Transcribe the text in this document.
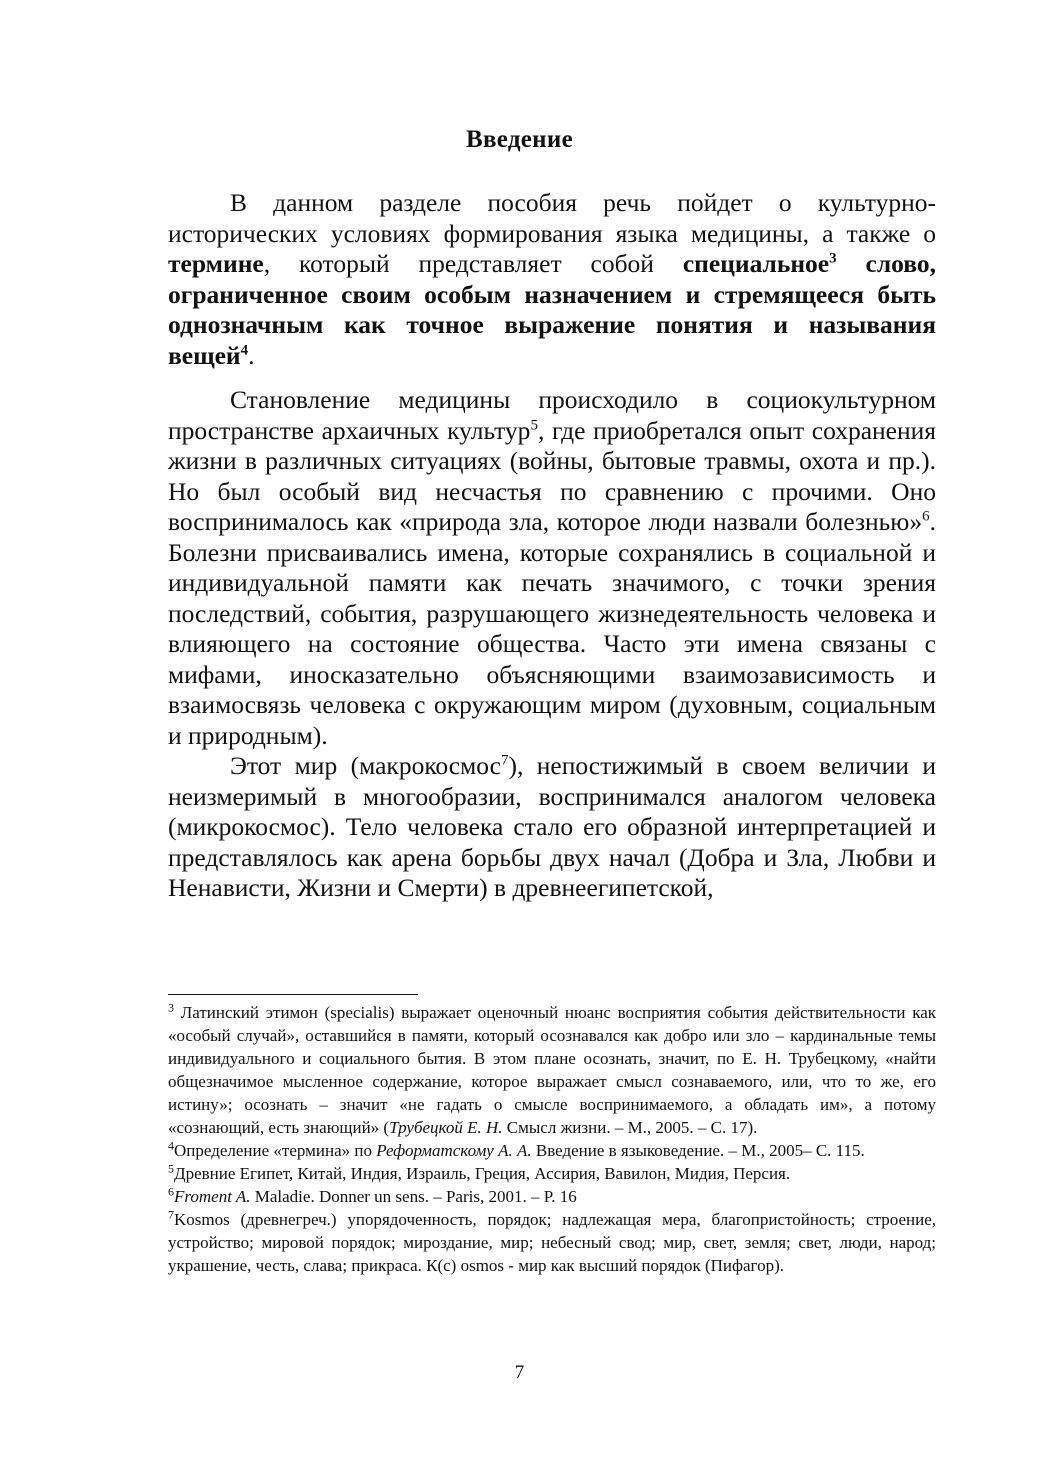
Введение

В данном разделе пособия речь пойдет о культурно-исторических условиях формирования языка медицины, а также о термине, который представляет собой специальное$^3$ слово, ограниченное своим особым назначением и стремящееся быть однозначным как точное выражение понятия и называния вещей$^4$.

Становление медицины происходило в социокультурном пространстве архаичных культур$^5$, где приобретался опыт сохранения жизни в различных ситуациях (войны, бытовые травмы, охота и пр.). Но был особый вид несчастья по сравнению с прочими. Оно воспринималось как «природа зла, которое люди назвали болезнью»$^6$. Болезни присваивались имена, которые сохранялись в социальной и индивидуальной памяти как печать значимого, с точки зрения последствий, события, разрушающего жизнедеятельность человека и влияющего на состояние общества. Часто эти имена связаны с мифами, иносказательно объясняющими взаимозависимость и взаимосвязь человека с окружающим миром (духовным, социальным и природным).

Этот мир (макрокосмос$^7$), непостижимый в своем величии и неизмеримый в многообразии, воспринимался аналогом человека (микрокосмос). Тело человека стало его образной интерпретацией и представлялось как арена борьбы двух начал (Добра и Зла, Любви и Ненависти, Жизни и Смерти) в древнеегипетской,

$^3$ Латинский этимон (specialis) выражает оценочный нюанс восприятия события действительности как «особый случай», оставшийся в памяти, который осознавался как добро или зло – кардинальные темы индивидуального и социального бытия. В этом плане осознать, значит, по Е. Н. Трубецкому, «найти общезначимое мысленное содержание, которое выражает смысл сознаваемого, или, что то же, его истину»; осознать – значит «не гадать о смысле воспринимаемого, а обладать им», а потому «сознающий, есть знающий» (Трубецкой Е. Н. Смысл жизни. – М., 2005. – С. 17).

$^4$Определение «термина» по Реформатскому А. А. Введение в языковедение. – М., 2005– С. 115.

$^5$Древние Египет, Китай, Индия, Израиль, Греция, Ассирия, Вавилон, Мидия, Персия.

$^6$Froment A. Maladie. Donner un sens. – Paris, 2001. – P. 16

$^7$Kosmos (древнегреч.) упорядоченность, порядок; надлежащая мера, благопристойность; строение, устройство; мировой порядок; мироздание, мир; небесный свод; мир, свет, земля; свет, люди, народ; украшение, честь, слава; прикраса. К(с) osmos - мир как высший порядок (Пифагор).

7
